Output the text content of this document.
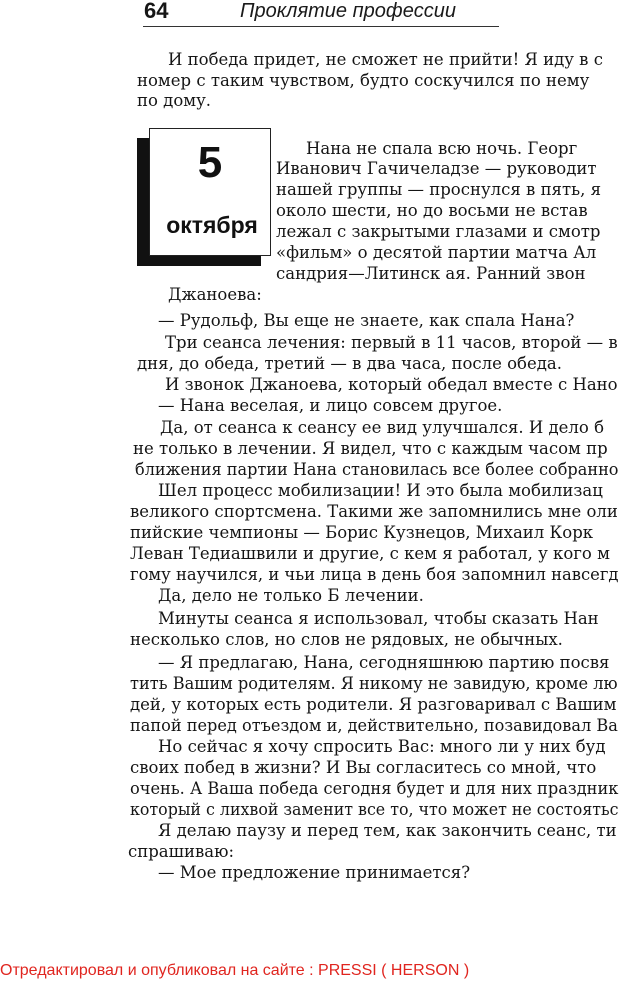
64	Проклятие профессии
5
октября
И победа придет, не сможет не прийти! Я иду в с
номер с таким чувством, будто соскучился по нему
по дому.
Нана не спала всю ночь. Георг
Иванович Гачичеладзе — руководит
нашей группы — проснулся в пять, я
около шести, но до восьми не встав
лежал с закрытыми глазами и смотр
«фильм» о десятой партии матча Ал
сандрия—Литинск ая. Ранний звон
Джаноева:
— Рудольф, Вы еще не знаете, как спала Нана?
Три сеанса лечения: первый в 11 часов, второй — в
дня, до обеда, третий — в два часа, после обеда.
И звонок Джаноева, который обедал вместе с Нано
— Нана веселая, и лицо совсем другое.
Да, от сеанса к сеансу ее вид улучшался. И дело б
не только в лечении. Я видел, что с каждым часом пр
ближения партии Нана становилась все более собранно
Шел процесс мобилизации! И это была мобилизац
великого спортсмена. Такими же запомнились мне оли
пийские чемпионы — Борис Кузнецов, Михаил Корк
Леван Тедиашвили и другие, с кем я работал, у кого м
гому научился, и чьи лица в день боя запомнил навсегд
Да, дело не только Б лечении.
Минуты сеанса я использовал, чтобы сказать Нан
несколько слов, но слов не рядовых, не обычных.
— Я предлагаю, Нана, сегодняшнюю партию посвя
тить Вашим родителям. Я никому не завидую, кроме лю
дей, у которых есть родители. Я разговаривал с Вашим
папой перед отъездом и, действительно, позавидовал Ва
Но сейчас я хочу спросить Вас: много ли у них буд
своих побед в жизни? И Вы согласитесь со мной, что
очень. А Ваша победа сегодня будет и для них праздник
который с лихвой заменит все то, что может не состоятьс
Я делаю паузу и перед тем, как закончить сеанс, ти
спрашиваю:
— Мое предложение принимается?
Отредактировал и опубликовал на сайте : PRESSI ( HERSON )
